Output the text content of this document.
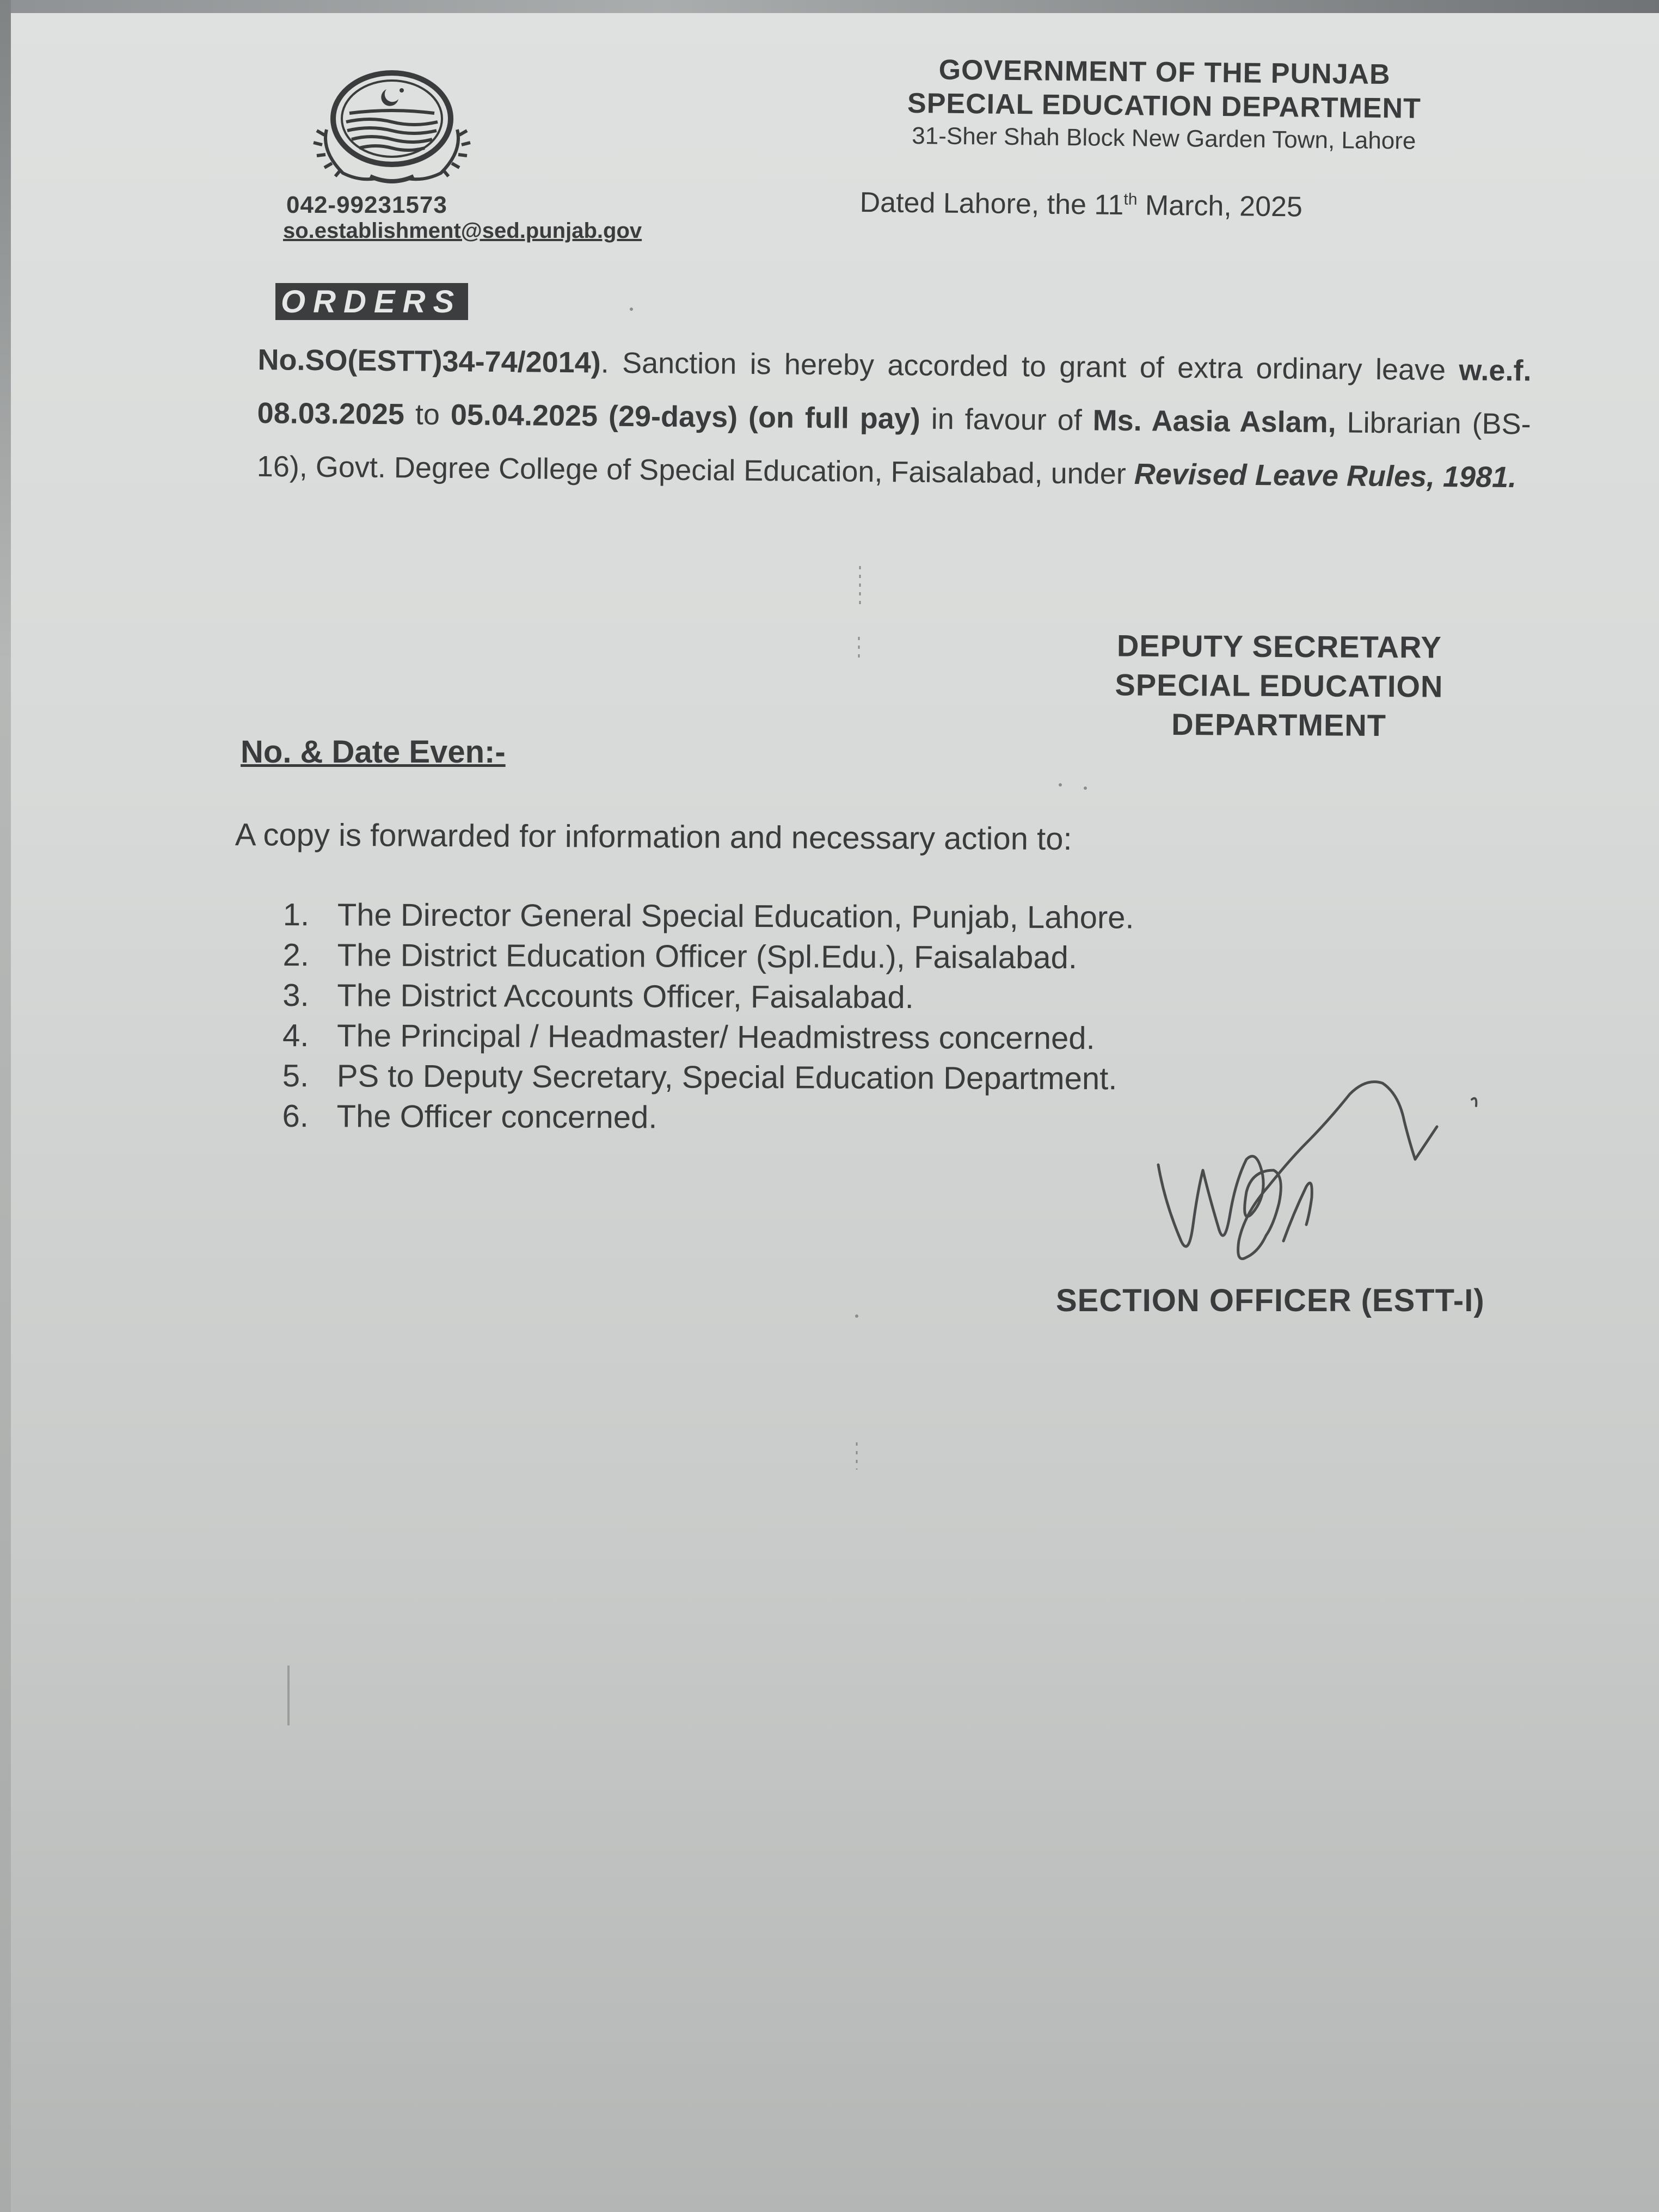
042-99231573
so.establishment@sed.punjab.gov
GOVERNMENT OF THE PUNJAB
SPECIAL EDUCATION DEPARTMENT
31-Sher Shah Block New Garden Town, Lahore
Dated Lahore, the 11th March, 2025
ORDERS
No.SO(ESTT)34-74/2014). Sanction is hereby accorded to grant of extra ordinary leave w.e.f. 08.03.2025 to 05.04.2025 (29-days) (on full pay) in favour of Ms. Aasia Aslam, Librarian (BS-16), Govt. Degree College of Special Education, Faisalabad, under Revised Leave Rules, 1981.
DEPUTY SECRETARY
SPECIAL EDUCATION
DEPARTMENT
No. & Date Even:-
A copy is forwarded for information and necessary action to:
1. The Director General Special Education, Punjab, Lahore.
2. The District Education Officer (Spl.Edu.), Faisalabad.
3. The District Accounts Officer, Faisalabad.
4. The Principal / Headmaster/ Headmistress concerned.
5. PS to Deputy Secretary, Special Education Department.
6. The Officer concerned.
SECTION OFFICER (ESTT-I)
